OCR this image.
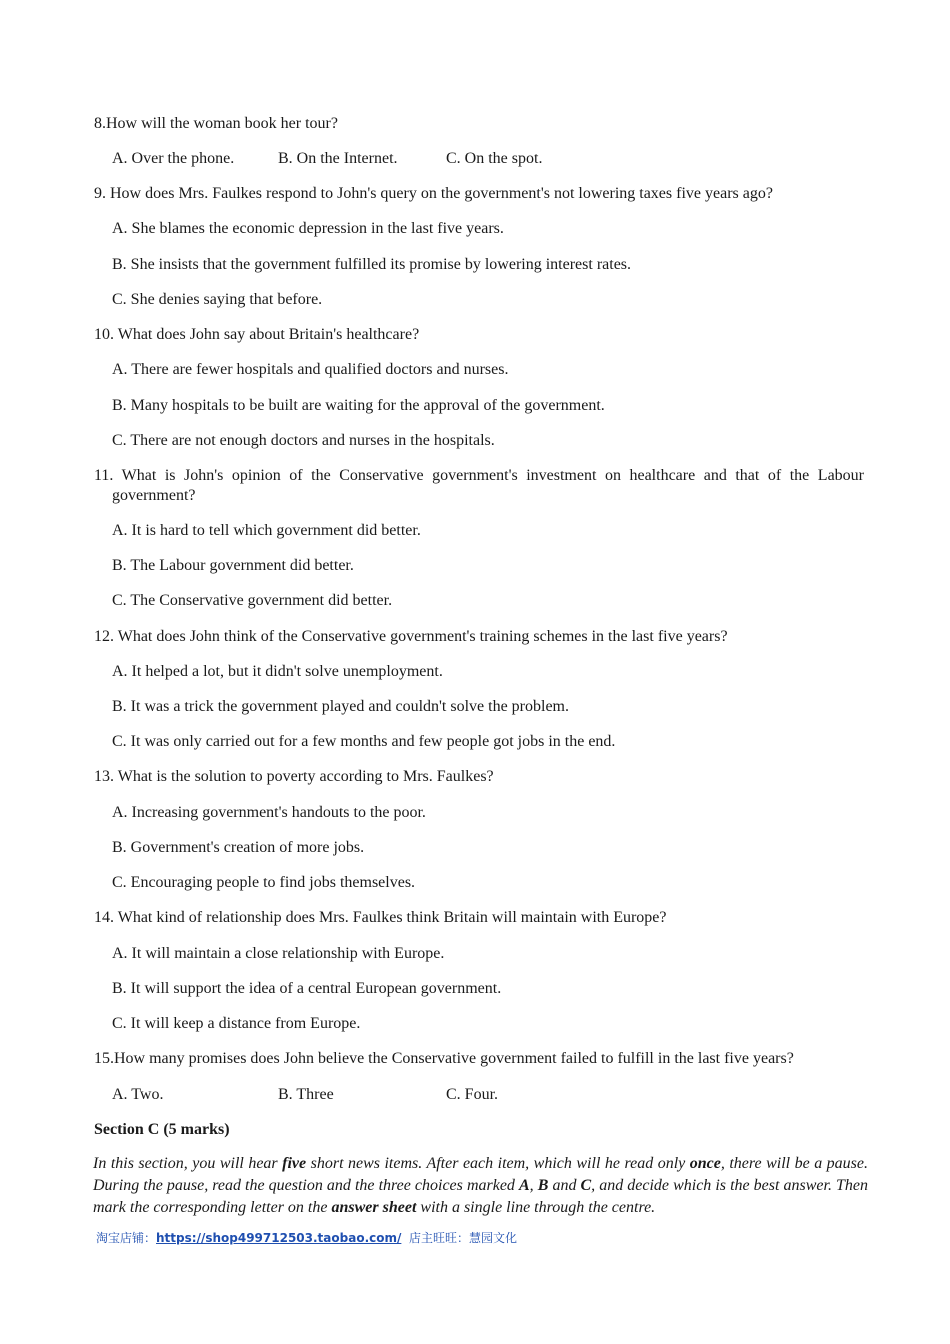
8.How will the woman book her tour?
A. Over the phone.	B. On the Internet.	C. On the spot.
9. How does Mrs. Faulkes respond to John's query on the government's not lowering taxes five years ago?
A. She blames the economic depression in the last five years.
B. She insists that the government fulfilled its promise by lowering interest rates.
C. She denies saying that before.
10. What does John say about Britain's healthcare?
A. There are fewer hospitals and qualified doctors and nurses.
B. Many hospitals to be built are waiting for the approval of the government.
C. There are not enough doctors and nurses in the hospitals.
11. What is John's opinion of the Conservative government's investment on healthcare and that of the Labour
government?
A. It is hard to tell which government did better.
B. The Labour government did better.
C. The Conservative government did better.
12. What does John think of the Conservative government's training schemes in the last five years?
A. It helped a lot, but it didn't solve unemployment.
B. It was a trick the government played and couldn't solve the problem.
C. It was only carried out for a few months and few people got jobs in the end.
13. What is the solution to poverty according to Mrs. Faulkes?
A. Increasing government's handouts to the poor.
B. Government's creation of more jobs.
C. Encouraging people to find jobs themselves.
14. What kind of relationship does Mrs. Faulkes think Britain will maintain with Europe?
A. It will maintain a close relationship with Europe.
B. It will support the idea of a central European government.
C. It will keep a distance from Europe.
15.How many promises does John believe the Conservative government failed to fulfill in the last five years?
A. Two.	B. Three	C. Four.
Section C (5 marks)
In this section, you will hear five short news items. After each item, which will he read only once, there will be a pause. During the pause, read the question and the three choices marked A, B and C, and decide which is the best answer. Then mark the corresponding letter on the answer sheet with a single line through the centre.
淘宝店铺：https://shop499712503.taobao.com/ 店主旺旺：慧园文化
